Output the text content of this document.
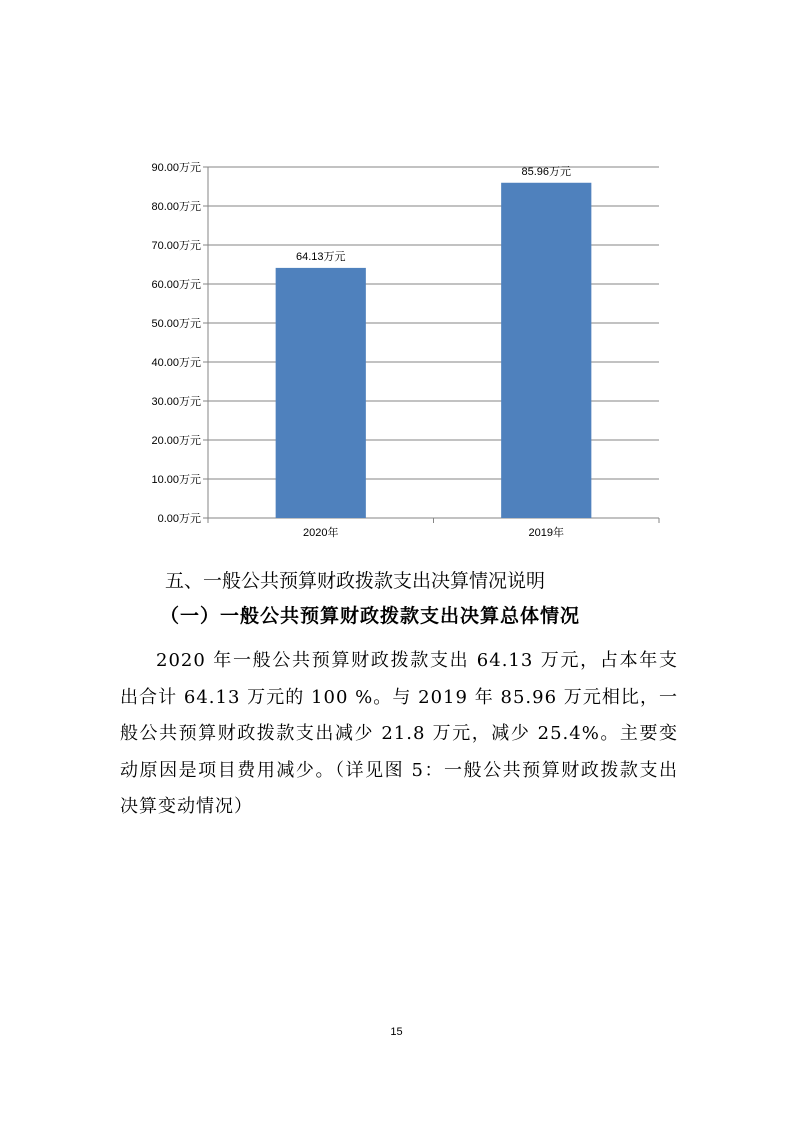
0.00万元
10.00万元
20.00万元
30.00万元
40.00万元
50.00万元
60.00万元
70.00万元
80.00万元
90.00万元
64.13万元
2020年
85.96万元
2019年
五、一般公共预算财政拨款支出决算情况说明
（一）一般公共预算财政拨款支出决算总体情况

2020 年一般公共预算财政拨款支出 64.13 万元，占本年支出合计 64.13 万元的 100 %。与 2019 年 85.96 万元相比，一般公共预算财政拨款支出减少 21.8 万元，减少 25.4%。主要变动原因是项目费用减少。（详见图 5：一般公共预算财政拨款支出决算变动情况）

15
